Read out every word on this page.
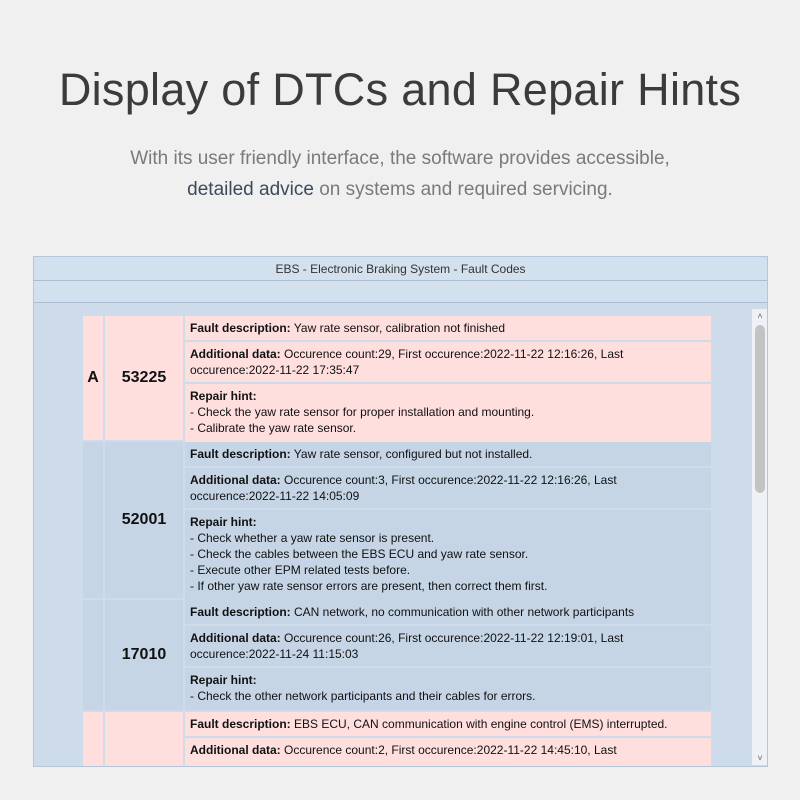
Display of DTCs and Repair Hints
With its user friendly interface, the software provides accessible,
detailed advice on systems and required servicing.
EBS - Electronic Braking System - Fault Codes
A	53225
Fault description: Yaw rate sensor, calibration not finished
Additional data: Occurence count:29, First occurence:2022-11-22 12:16:26, Last occurence:2022-11-22 17:35:47
Repair hint:
- Check the yaw rate sensor for proper installation and mounting.
- Calibrate the yaw rate sensor.
52001
Fault description: Yaw rate sensor, configured but not installed.
Additional data: Occurence count:3, First occurence:2022-11-22 12:16:26, Last occurence:2022-11-22 14:05:09
Repair hint:
- Check whether a yaw rate sensor is present.
- Check the cables between the EBS ECU and yaw rate sensor.
- Execute other EPM related tests before.
- If other yaw rate sensor errors are present, then correct them first.
17010
Fault description: CAN network, no communication with other network participants
Additional data: Occurence count:26, First occurence:2022-11-22 12:19:01, Last occurence:2022-11-24 11:15:03
Repair hint:
- Check the other network participants and their cables for errors.
Fault description: EBS ECU, CAN communication with engine control (EMS) interrupted.
Additional data: Occurence count:2, First occurence:2022-11-22 14:45:10, Last
˄
˅
